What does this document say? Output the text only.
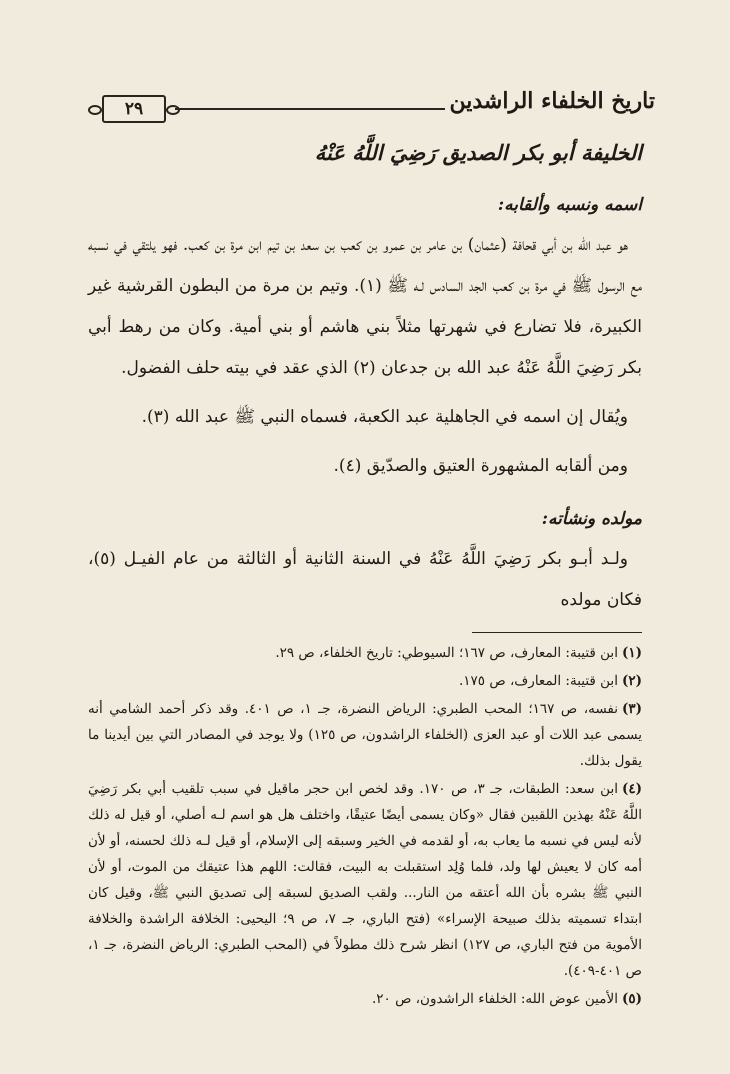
٢٩	تاريخ الخلفاء الراشدين
الخليفة أبو بكر الصديق رَضِيَ اللَّهُ عَنْهُ
اسمه ونسبه وألقابه:

هو عبد الله بن أبي قحافة (عثمان) بن عامر بن عمرو بن كعب بن سعد بن تيم ابن مرة بن كعب. فهو يلتقي في نسبه مع الرسول ﷺ في مرة بن كعب الجد السادس لـه ﷺ (١). وتيم بن مرة من البطون القرشية غير الكبيرة، فلا تضارع في شهرتها مثلاً بني هاشم أو بني أمية. وكان من رهط أبي بكر رَضِيَ اللَّهُ عَنْهُ عبد الله بن جدعان (٢) الذي عقد في بيته حلف الفضول.

ويُقال إن اسمه في الجاهلية عبد الكعبة، فسماه النبي ﷺ عبد الله (٣).

ومن ألقابه المشهورة العتيق والصدّيق (٤).

مولده ونشأته:

ولـد أبـو بكر رَضِيَ اللَّهُ عَنْهُ في السنة الثانية أو الثالثة من عام الفيـل (٥)، فكان مولده

(١)ابن قتيبة: المعارف، ص ١٦٧؛ السيوطي: تاريخ الخلفاء، ص ٢٩.

(٢)ابن قتيبة: المعارف، ص ١٧٥.

(٣)نفسه، ص ١٦٧؛ المحب الطبري: الرياض النضرة، جـ ١، ص ٤٠١. وقد ذكر أحمد الشامي أنه يسمى عبد اللات أو عبد العزى (الخلفاء الراشدون، ص ١٢٥) ولا يوجد في المصادر التي بين أيدينا ما يقول بذلك.

(٤)ابن سعد: الطبقات، جـ ٣، ص ١٧٠. وقد لخص ابن حجر ماقيل في سبب تلقيب أبي بكر رَضِيَ اللَّهُ عَنْهُ بهذين اللقبين فقال «وكان يسمى أيضًا عتيقًا، واختلف هل هو اسم لـه أصلي، أو قيل له ذلك لأنه ليس في نسبه ما يعاب به، أو لقدمه في الخير وسبقه إلى الإسلام، أو قيل لـه ذلك لحسنه، أو لأن أمه كان لا يعيش لها ولد، فلما وُلِد استقبلت به البيت، فقالت: اللهم هذا عتيقك من الموت، أو لأن النبي ﷺ بشره بأن الله أعتقه من النار... ولقب الصديق لسبقه إلى تصديق النبي ﷺ، وقيل كان ابتداء تسميته بذلك صبيحة الإسراء» (فتح الباري، جـ ٧، ص ٩؛ اليحيى: الخلافة الراشدة والخلافة الأموية من فتح الباري، ص ١٢٧) انظر شرح ذلك مطولاً في (المحب الطبري: الرياض النضرة، جـ ١، ص ٤٠١-٤٠٩).

(٥)الأمين عوض الله: الخلفاء الراشدون، ص ٢٠.
